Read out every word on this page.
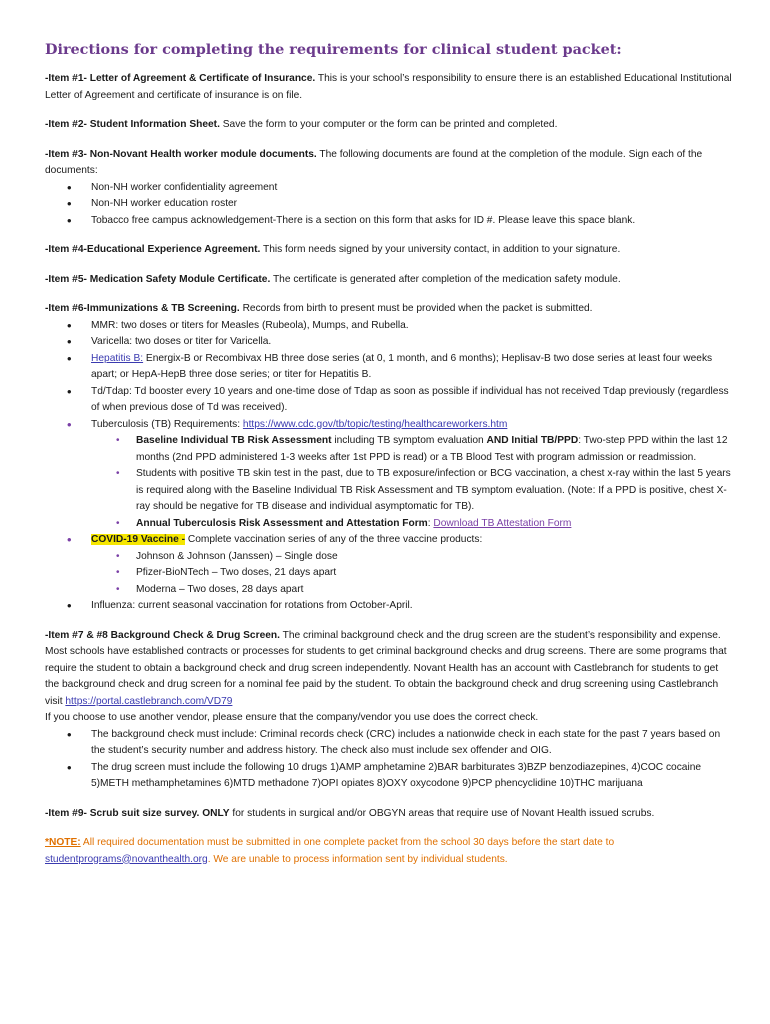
Directions for completing the requirements for clinical student packet:

-Item #1- Letter of Agreement & Certificate of Insurance. This is your school’s responsibility to ensure there is an established Educational Institutional Letter of Agreement and certificate of insurance is on file.

-Item #2- Student Information Sheet. Save the form to your computer or the form can be printed and completed.

-Item #3- Non-Novant Health worker module documents. The following documents are found at the completion of the module. Sign each of the documents:

• Non-NH worker confidentiality agreement
• Non-NH worker education roster
• Tobacco free campus acknowledgement-There is a section on this form that asks for ID #. Please leave this space blank.

-Item #4-Educational Experience Agreement. This form needs signed by your university contact, in addition to your signature.

-Item #5- Medication Safety Module Certificate. The certificate is generated after completion of the medication safety module.

-Item #6-Immunizations & TB Screening. Records from birth to present must be provided when the packet is submitted.

• MMR: two doses or titers for Measles (Rubeola), Mumps, and Rubella.
• Varicella: two doses or titer for Varicella.
• Hepatitis B: Energix-B or Recombivax HB three dose series (at 0, 1 month, and 6 months); Heplisav-B two dose series at least four weeks apart; or HepA-HepB three dose series; or titer for Hepatitis B.
• Td/Tdap: Td booster every 10 years and one-time dose of Tdap as soon as possible if individual has not received Tdap previously (regardless of when previous dose of Td was received).
• Tuberculosis (TB) Requirements: https://www.cdc.gov/tb/topic/testing/healthcareworkers.htm
• Baseline Individual TB Risk Assessment including TB symptom evaluation AND Initial TB/PPD: Two-step PPD within the last 12 months (2nd PPD administered 1-3 weeks after 1st PPD is read) or a TB Blood Test with program admission or readmission.
• Students with positive TB skin test in the past, due to TB exposure/infection or BCG vaccination, a chest x-ray within the last 5 years is required along with the Baseline Individual TB Risk Assessment and TB symptom evaluation. (Note: If a PPD is positive, chest X-ray should be negative for TB disease and individual asymptomatic for TB).
• Annual Tuberculosis Risk Assessment and Attestation Form: Download TB Attestation Form
• COVID-19 Vaccine - Complete vaccination series of any of the three vaccine products:
• Johnson & Johnson (Janssen) – Single dose
• Pfizer-BioNTech – Two doses, 21 days apart
• Moderna – Two doses, 28 days apart
• Influenza: current seasonal vaccination for rotations from October-April.

-Item #7 & #8 Background Check & Drug Screen. The criminal background check and the drug screen are the student’s responsibility and expense. Most schools have established contracts or processes for students to get criminal background checks and drug screens. There are some programs that require the student to obtain a background check and drug screen independently. Novant Health has an account with Castlebranch for students to get the background check and drug screen for a nominal fee paid by the student. To obtain the background check and drug screening using Castlebranch visit https://portal.castlebranch.com/VD79

If you choose to use another vendor, please ensure that the company/vendor you use does the correct check.

• The background check must include: Criminal records check (CRC) includes a nationwide check in each state for the past 7 years based on the student’s security number and address history. The check also must include sex offender and OIG.
• The drug screen must include the following 10 drugs 1)AMP amphetamine 2)BAR barbiturates 3)BZP benzodiazepines, 4)COC cocaine 5)METH methamphetamines 6)MTD methadone 7)OPI opiates 8)OXY oxycodone 9)PCP phencyclidine 10)THC marijuana

-Item #9- Scrub suit size survey. ONLY for students in surgical and/or OBGYN areas that require use of Novant Health issued scrubs.

*NOTE: All required documentation must be submitted in one complete packet from the school 30 days before the start date to studentprograms@novanthealth.org. We are unable to process information sent by individual students.
